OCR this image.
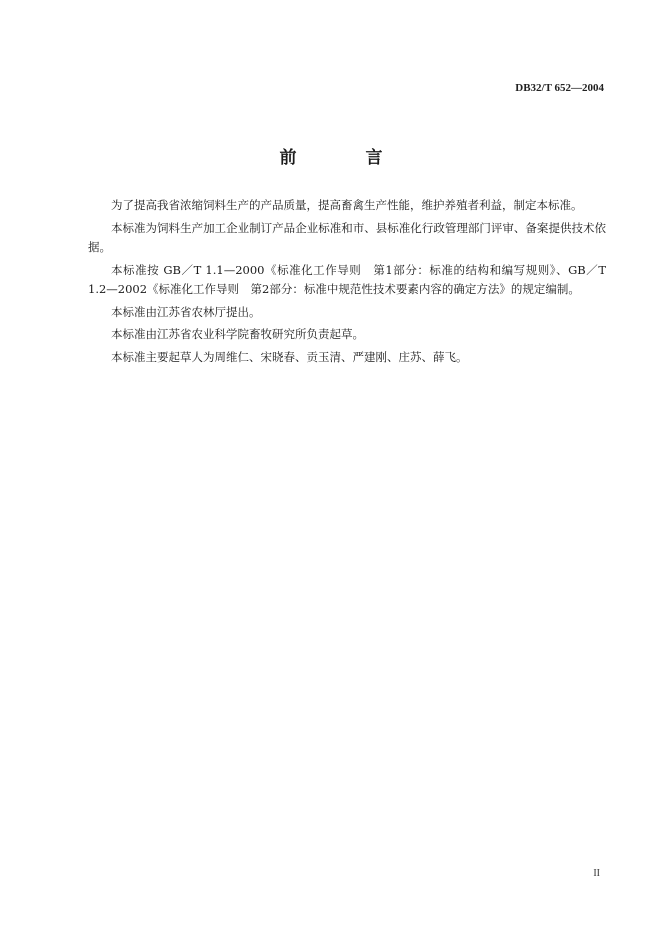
DB32/T 652—2004
前　言

为了提高我省浓缩饲料生产的产品质量，提高畜禽生产性能，维护养殖者利益，制定本标准。

本标准为饲料生产加工企业制订产品企业标准和市、县标准化行政管理部门评审、备案提供技术依据。

本标准按 GB／T 1.1—2000《标准化工作导则　第1部分：标准的结构和编写规则》、GB／T 1.2—2002《标准化工作导则　第2部分：标准中规范性技术要素内容的确定方法》的规定编制。

本标准由江苏省农林厅提出。

本标准由江苏省农业科学院畜牧研究所负责起草。

本标准主要起草人为周维仁、宋晓春、贡玉清、严建刚、庄苏、薛飞。

II
